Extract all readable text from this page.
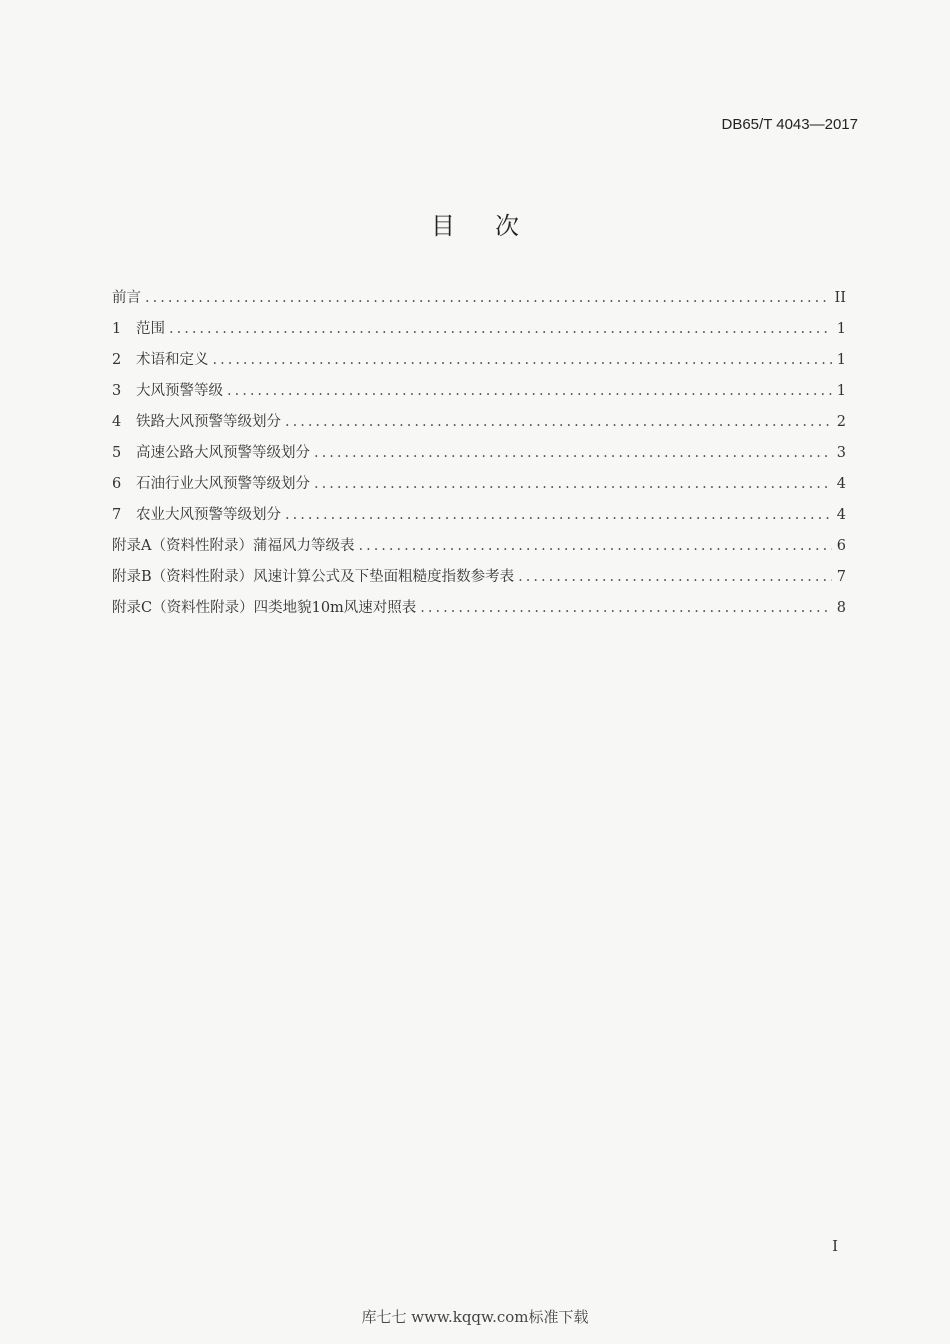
DB65/T 4043—2017
目次
前言 .....	II
1	范围 .....	1
2	术语和定义 .....	1
3	大风预警等级 .....	1
4	铁路大风预警等级划分 .....	2
5	高速公路大风预警等级划分 .....	3
6	石油行业大风预警等级划分 .....	4
7	农业大风预警等级划分 .....	4
附录A（资料性附录）蒲福风力等级表 .....	6
附录B（资料性附录）风速计算公式及下垫面粗糙度指数参考表 .....	7
附录C（资料性附录）四类地貌10m风速对照表 .....	8
I
库七七 www.kqqw.com标准下载
